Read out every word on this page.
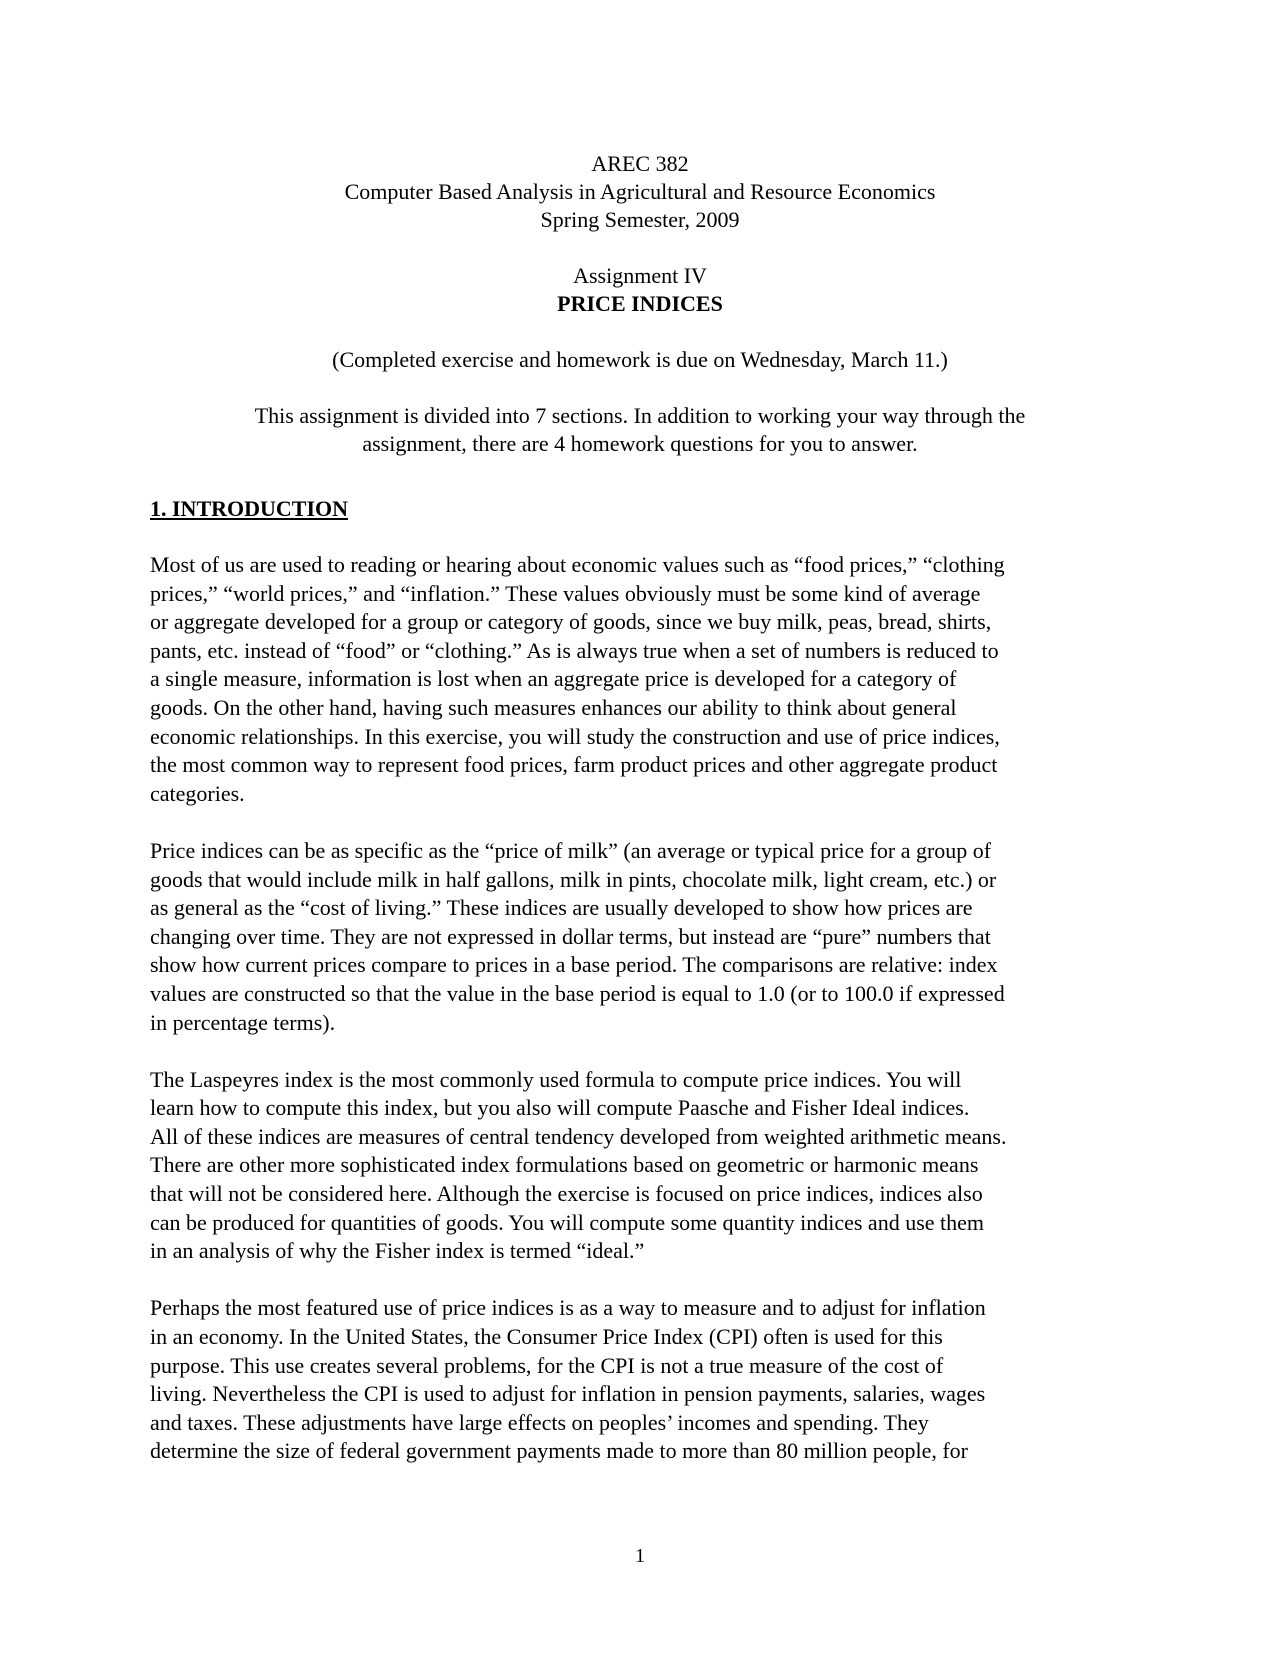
AREC 382
Computer Based Analysis in Agricultural and Resource Economics
Spring Semester, 2009
Assignment IV
PRICE INDICES
(Completed exercise and homework is due on Wednesday, March 11.)
This assignment is divided into 7 sections. In addition to working your way through the
assignment, there are 4 homework questions for you to answer.
1. INTRODUCTION
Most of us are used to reading or hearing about economic values such as “food prices,” “clothing
prices,” “world prices,” and “inflation.” These values obviously must be some kind of average
or aggregate developed for a group or category of goods, since we buy milk, peas, bread, shirts,
pants, etc. instead of “food” or “clothing.” As is always true when a set of numbers is reduced to
a single measure, information is lost when an aggregate price is developed for a category of
goods. On the other hand, having such measures enhances our ability to think about general
economic relationships. In this exercise, you will study the construction and use of price indices,
the most common way to represent food prices, farm product prices and other aggregate product
categories.
Price indices can be as specific as the “price of milk” (an average or typical price for a group of
goods that would include milk in half gallons, milk in pints, chocolate milk, light cream, etc.) or
as general as the “cost of living.” These indices are usually developed to show how prices are
changing over time. They are not expressed in dollar terms, but instead are “pure” numbers that
show how current prices compare to prices in a base period. The comparisons are relative: index
values are constructed so that the value in the base period is equal to 1.0 (or to 100.0 if expressed
in percentage terms).
The Laspeyres index is the most commonly used formula to compute price indices. You will
learn how to compute this index, but you also will compute Paasche and Fisher Ideal indices.
All of these indices are measures of central tendency developed from weighted arithmetic means.
There are other more sophisticated index formulations based on geometric or harmonic means
that will not be considered here. Although the exercise is focused on price indices, indices also
can be produced for quantities of goods. You will compute some quantity indices and use them
in an analysis of why the Fisher index is termed “ideal.”
Perhaps the most featured use of price indices is as a way to measure and to adjust for inflation
in an economy. In the United States, the Consumer Price Index (CPI) often is used for this
purpose. This use creates several problems, for the CPI is not a true measure of the cost of
living. Nevertheless the CPI is used to adjust for inflation in pension payments, salaries, wages
and taxes. These adjustments have large effects on peoples’ incomes and spending. They
determine the size of federal government payments made to more than 80 million people, for
1
